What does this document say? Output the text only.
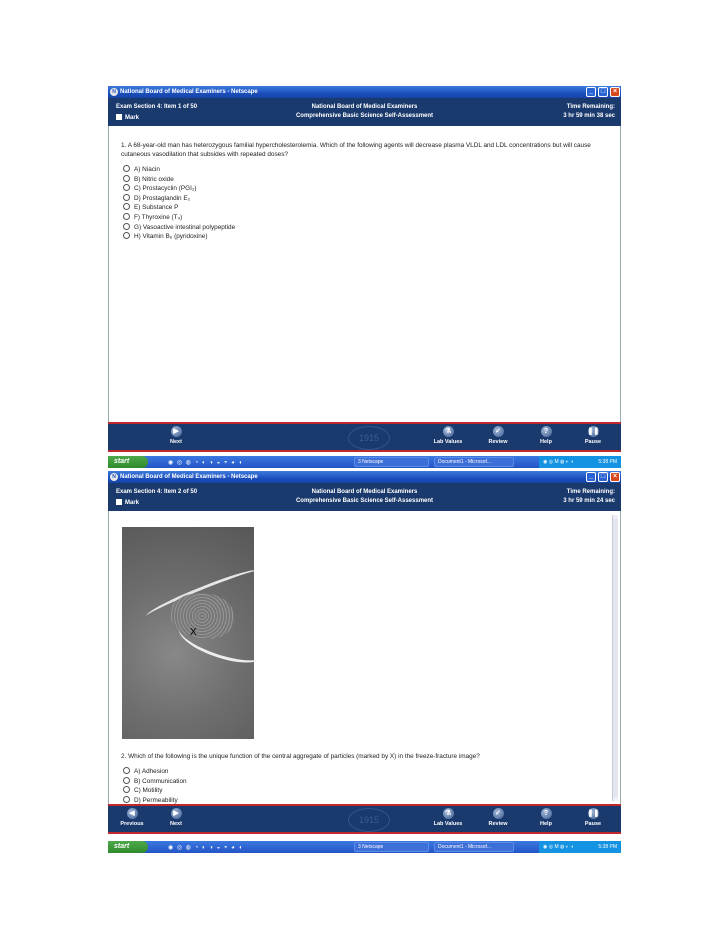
N National Board of Medical Examiners - Netscape	_	□	×
Exam Section 4: Item 1 of 50
Mark
National Board of Medical Examiners
Comprehensive Basic Science Self-Assessment
Time Remaining:
3 hr 59 min 38 sec
1. A 68-year-old man has heterozygous familial hypercholesterolemia. Which of the following agents will decrease plasma VLDL and LDL concentrations but will cause cutaneous vasodilation that subsides with repeated doses?
A) Niacin
B) Nitric oxide
C) Prostacyclin (PGI₂)
D) Prostaglandin E₂
E) Substance P
F) Thyroxine (T₄)
G) Vasoactive intestinal polypeptide
H) Vitamin B₆ (pyridoxine)
▶
Next	1915
⚗
Lab Values
✓
Review
?
Help
❚❚
Pause
start	◉ ◎ ◍ ◔ ◐ ◑ ◒ ◓ ◕ ◖	3 Netscape	Document1 - Microsof...	◉ ◎ M ◍ ◐ ◑	5:38 PM
N National Board of Medical Examiners - Netscape	_	□	×
Exam Section 4: Item 2 of 50
Mark
National Board of Medical Examiners
Comprehensive Basic Science Self-Assessment
Time Remaining:
3 hr 59 min 24 sec
X
2. Which of the following is the unique function of the central aggregate of particles (marked by X) in the freeze-fracture image?
A) Adhesion
B) Communication
C) Motility
D) Permeability
◀
Previous
▶
Next	1915
⚗
Lab Values
✓
Review
?
Help
❚❚
Pause
start	◉ ◎ ◍ ◔ ◐ ◑ ◒ ◓ ◕ ◖	3 Netscape	Document1 - Microsof...	◉ ◎ M ◍ ◐ ◑	5:38 PM
